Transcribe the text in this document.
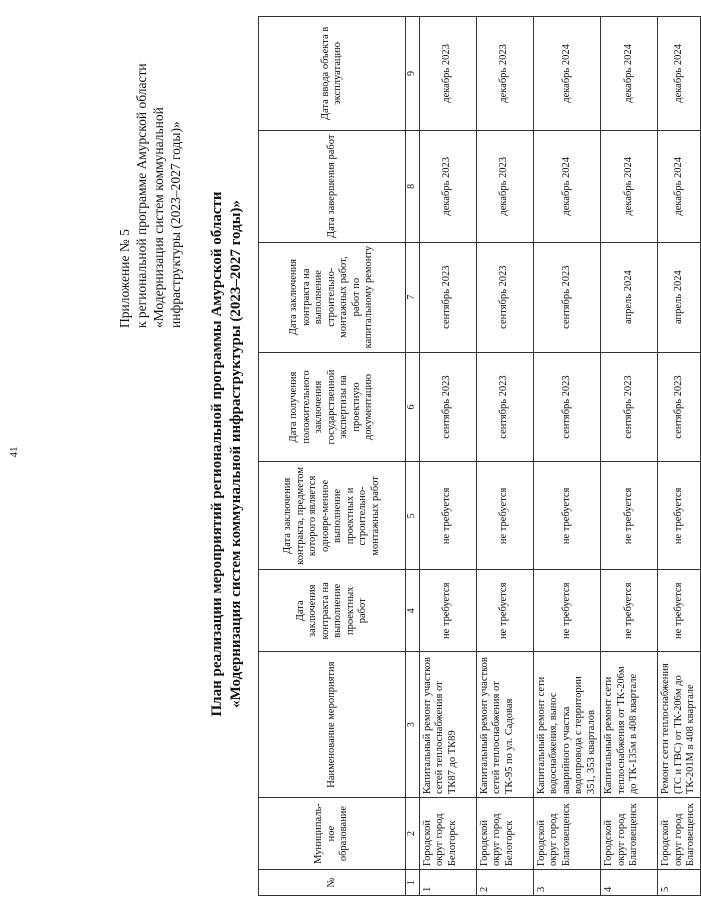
41
Приложение № 5 к региональной программе Амурской области «Модернизация систем коммунальной инфраструктуры (2023–2027 годы)» План реализации мероприятий региональной программы Амурской области «Модернизация систем коммунальной инфраструктуры (2023–2027 годы)»
№	Муниципаль-ное образование	Наименование мероприятия	Дата заключения контракта на выполнение проектных работ	Дата заключения контракта, предметом которого является одновре-менное выполнение проектных и строительно-монтажных работ	Дата получения положительного заключения государственной экспертизы на проектную документацию	Дата заключения контракта на выполнение строительно-монтажных работ, работ по капитальному ремонту	Дата завершения работ	Дата ввода объекта в эксплуатацию
1	2	3	4	5	6	7	8	9
1	Городской округ город Белогорск	Капитальный ремонт участков сетей теплоснабжения от ТК87 до ТК89	не требуется	не требуется	сентябрь 2023	сентябрь 2023	декабрь 2023	декабрь 2023
2	Городской округ город Белогорск	Капитальный ремонт участков сетей теплоснабжения от ТК-95 по ул. Садовая	не требуется	не требуется	сентябрь 2023	сентябрь 2023	декабрь 2023	декабрь 2023
3	Городской округ город Благовещенск	Капитальный ремонт сети водоснабжения, вынос аварийного участка водопровода с территории 351, 353 кварталов	не требуется	не требуется	сентябрь 2023	сентябрь 2023	декабрь 2024	декабрь 2024
4	Городской округ город Благовещенск	Капитальный ремонт сети теплоснабжения от ТК-206м до ТК-135м в 408 квартале	не требуется	не требуется	сентябрь 2023	апрель 2024	декабрь 2024	декабрь 2024
5	Городской округ город Благовещенск	Ремонт сети теплоснабжения (ТС и ГВС) от ТК-206м до ТК-201М в 408 квартале	не требуется	не требуется	сентябрь 2023	апрель 2024	декабрь 2024	декабрь 2024
